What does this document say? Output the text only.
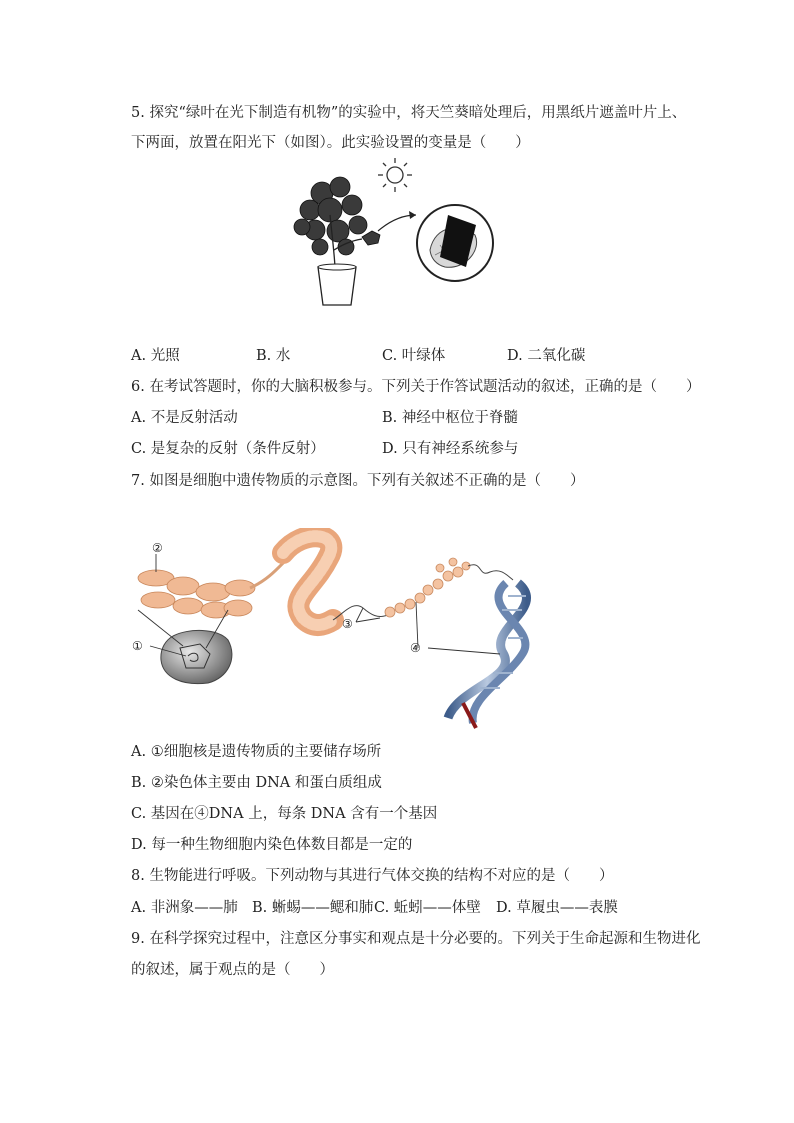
5. 探究“绿叶在光下制造有机物”的实验中，将天竺葵暗处理后，用黑纸片遮盖叶片上、
下两面，放置在阳光下（如图）。此实验设置的变量是（　　）
A. 光照	B. 水	C. 叶绿体	D. 二氧化碳
6. 在考试答题时，你的大脑积极参与。下列关于作答试题活动的叙述，正确的是（　　）
A. 不是反射活动	B. 神经中枢位于脊髓
C. 是复杂的反射（条件反射）	D. 只有神经系统参与
7. 如图是细胞中遗传物质的示意图。下列有关叙述不正确的是（　　）
②
①
③
④
A. ①细胞核是遗传物质的主要储存场所
B. ②染色体主要由 DNA 和蛋白质组成
C. 基因在④DNA 上，每条 DNA 含有一个基因
D. 每一种生物细胞内染色体数目都是一定的
8. 生物能进行呼吸。下列动物与其进行气体交换的结构不对应的是（　　）
A. 非洲象——肺 B. 蜥蜴——鳃和肺 C. 蚯蚓——体壁 D. 草履虫——表膜
9. 在科学探究过程中，注意区分事实和观点是十分必要的。下列关于生命起源和生物进化
的叙述，属于观点的是（　　）
